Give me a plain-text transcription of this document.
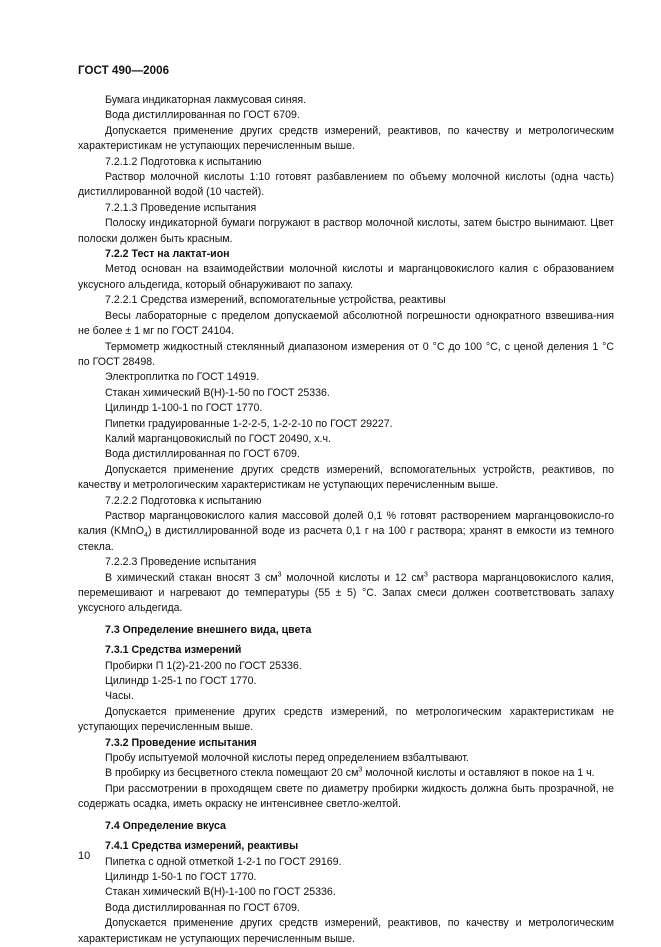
ГОСТ 490—2006

Бумага индикаторная лакмусовая синяя.

Вода дистиллированная по ГОСТ 6709.

Допускается применение других средств измерений, реактивов, по качеству и метрологическим характеристикам не уступающих перечисленным выше.

7.2.1.2 Подготовка к испытанию

Раствор молочной кислоты 1:10 готовят разбавлением по объему молочной кислоты (одна часть) дистиллированной водой (10 частей).

7.2.1.3 Проведение испытания

Полоску индикаторной бумаги погружают в раствор молочной кислоты, затем быстро вынимают. Цвет полоски должен быть красным.

7.2.2 Тест на лактат-ион

Метод основан на взаимодействии молочной кислоты и марганцовокислого калия с образованием уксусного альдегида, который обнаруживают по запаху.

7.2.2.1 Средства измерений, вспомогательные устройства, реактивы

Весы лабораторные с пределом допускаемой абсолютной погрешности однократного взвешива-ния не более ± 1 мг по ГОСТ 24104.

Термометр жидкостный стеклянный диапазоном измерения от 0 °С до 100 °С, с ценой деления 1 °С по ГОСТ 28498.

Электроплитка по ГОСТ 14919.

Стакан химический В(Н)-1-50 по ГОСТ 25336.

Цилиндр 1-100-1 по ГОСТ 1770.

Пипетки градуированные 1-2-2-5, 1-2-2-10 по ГОСТ 29227.

Калий марганцовокислый по ГОСТ 20490, х.ч.

Вода дистиллированная по ГОСТ 6709.

Допускается применение других средств измерений, вспомогательных устройств, реактивов, по качеству и метрологическим характеристикам не уступающих перечисленным выше.

7.2.2.2 Подготовка к испытанию

Раствор марганцовокислого калия массовой долей 0,1 % готовят растворением марганцовокисло-го калия (KMnO$_4$) в дистиллированной воде из расчета 0,1 г на 100 г раствора; хранят в емкости из темного стекла.

7.2.2.3 Проведение испытания

В химический стакан вносят 3 $см^3$ молочной кислоты и 12 $см^3$ раствора марганцовокислого калия, перемешивают и нагревают до температуры (55 ± 5) °С. Запах смеси должен соответствовать запаху уксусного альдегида.

7.3 Определение внешнего вида, цвета

7.3.1 Средства измерений

Пробирки П 1(2)-21-200 по ГОСТ 25336.

Цилиндр 1-25-1 по ГОСТ 1770.

Часы.

Допускается применение других средств измерений, по метрологическим характеристикам не уступающих перечисленным выше.

7.3.2 Проведение испытания

Пробу испытуемой молочной кислоты перед определением взбалтывают.

В пробирку из бесцветного стекла помещают 20 $см^3$ молочной кислоты и оставляют в покое на 1 ч.

При рассмотрении в проходящем свете по диаметру пробирки жидкость должна быть прозрачной, не содержать осадка, иметь окраску не интенсивнее светло-желтой.

7.4 Определение вкуса

7.4.1 Средства измерений, реактивы

Пипетка с одной отметкой 1-2-1 по ГОСТ 29169.

Цилиндр 1-50-1 по ГОСТ 1770.

Стакан химический В(Н)-1-100 по ГОСТ 25336.

Вода дистиллированная по ГОСТ 6709.

Допускается применение других средств измерений, реактивов, по качеству и метрологическим характеристикам не уступающих перечисленным выше.

10
